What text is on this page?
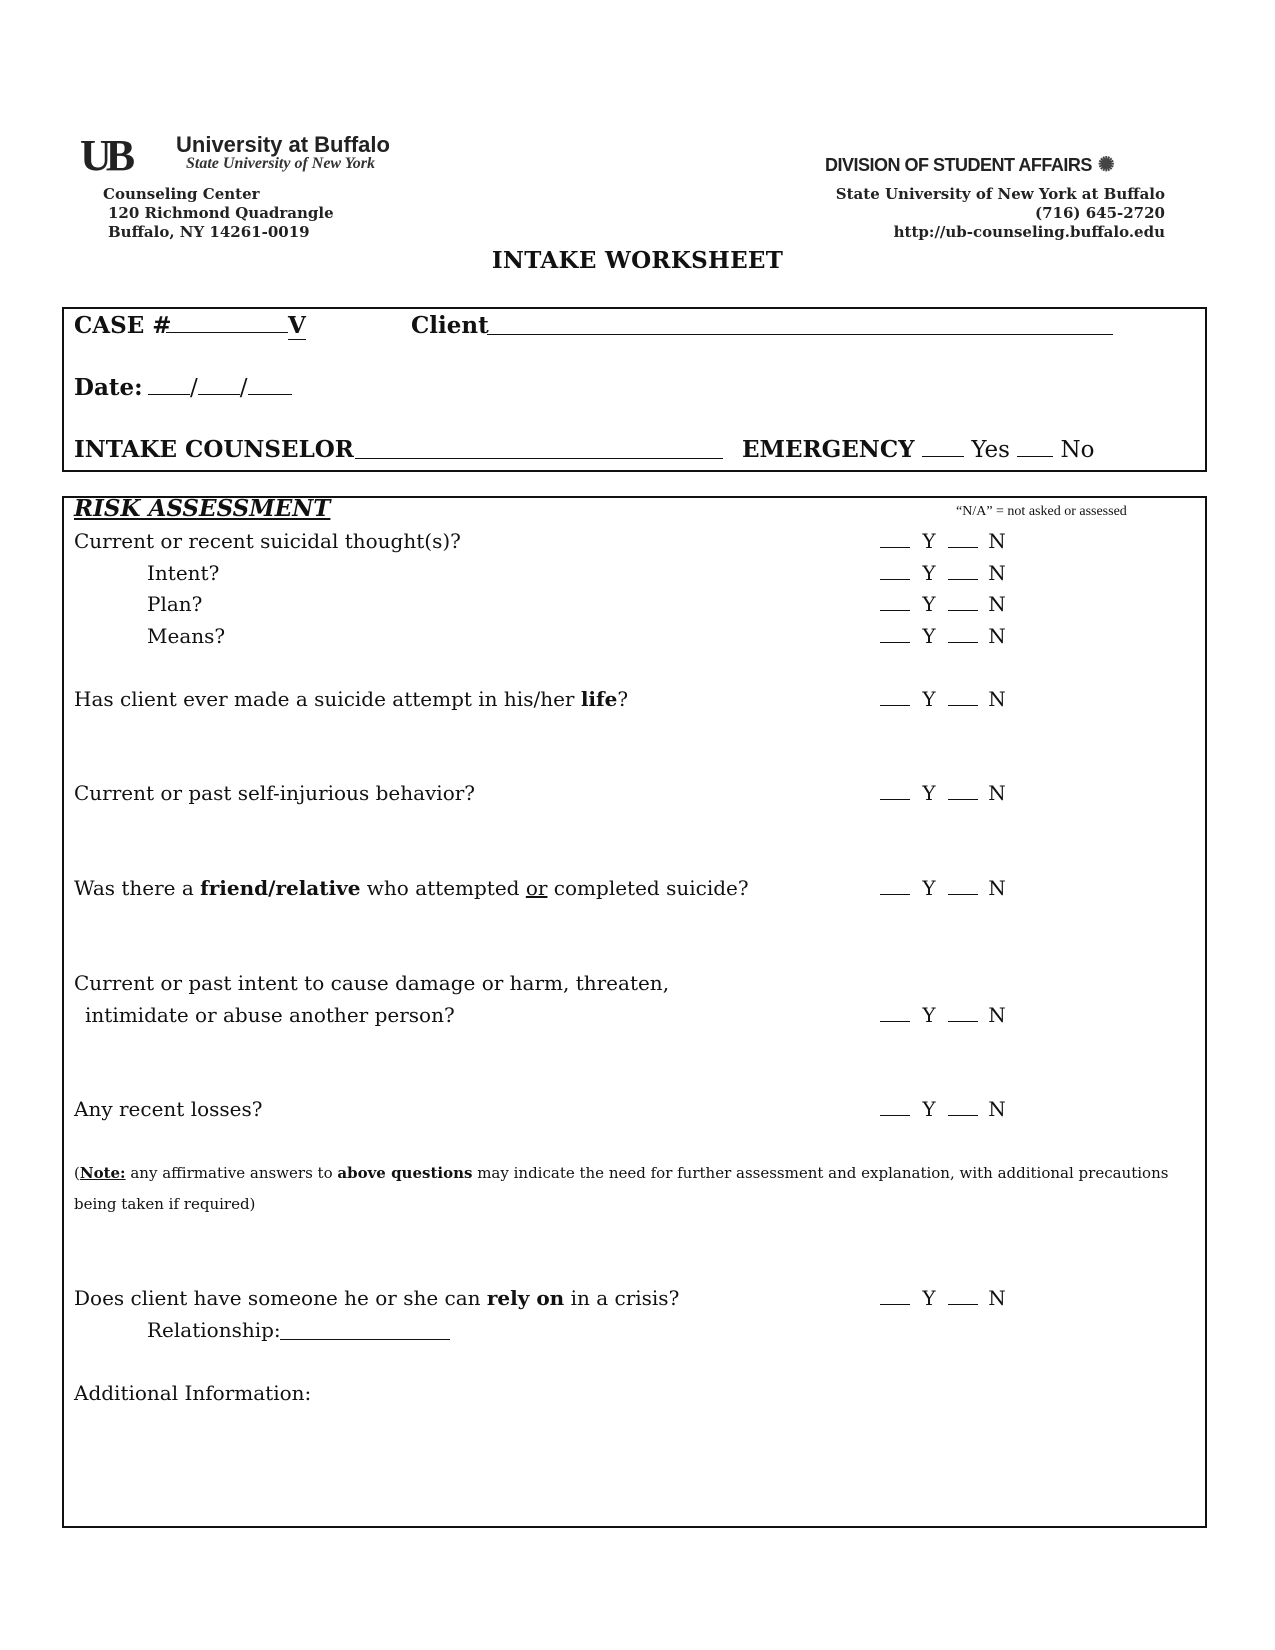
UB University at Buffalo
State University of New York	DIVISION OF STUDENT AFFAIRS ✺
Counseling Center
120 Richmond Quadrangle
Buffalo, NY 14261-0019
State University of New York at Buffalo
(716) 645-2720
http://ub-counseling.buffalo.edu
INTAKE WORKSHEET
CASE #	V	Client
Date:	/ /
INTAKE COUNSELOR	EMERGENCY	Yes No
RISK ASSESSMENT	“N/A” = not asked or assessed
Current or recent suicidal thought(s)?	Y	N
Intent?	Y	N
Plan?	Y	N
Means?	Y	N
Has client ever made a suicide attempt in his/her life?	Y	N
Current or past self-injurious behavior?	Y	N
Was there a friend/relative who attempted or completed suicide?	Y	N
Current or past intent to cause damage or harm, threaten,
intimidate or abuse another person?	Y	N
Any recent losses?	Y	N
(Note: any affirmative answers to above questions may indicate the need for further assessment and explanation, with additional precautions
being taken if required)
Does client have someone he or she can rely on in a crisis?	Y	N
Relationship:
Additional Information:
